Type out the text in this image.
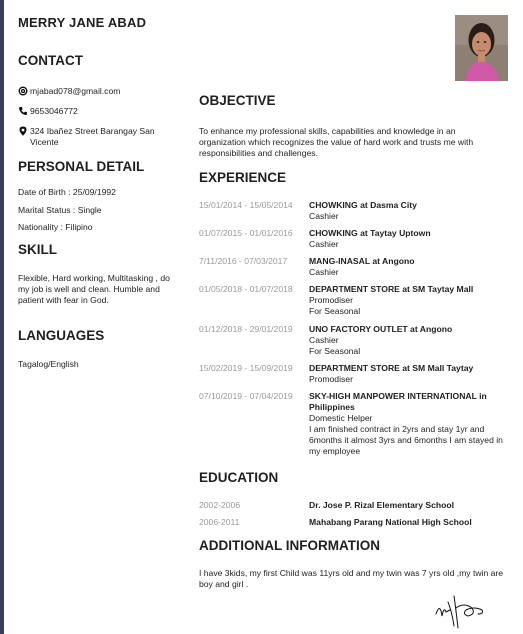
MERRY JANE ABAD
CONTACT
mjabad078@gmail.com
9653046772
324 Ibañez Street Barangay San Vicente
PERSONAL DETAIL
Date of Birth : 25/09/1992
Marital Status : Single
Nationality : Filipino
SKILL
Flexible, Hard working, Multitasking , do my job is well and clean. Humble and patient with fear in God.
LANGUAGES
Tagalog/English
OBJECTIVE
To enhance my professional skills, capabilities and knowledge in an organization which recognizes the value of hard work and trusts me with responsibilities and challenges.
EXPERIENCE
15/01/2014 - 15/05/2014 CHOWKING at Dasma City
Cashier
01/07/2015 - 01/01/2016 CHOWKING at Taytay Uptown
Cashier
7/11/2016 - 07/03/2017	MANG-INASAL at Angono
Cashier
01/05/2018 - 01/07/2018 DEPARTMENT STORE at SM Taytay Mall
Promodiser
For Seasonal
01/12/2018 - 29/01/2019 UNO FACTORY OUTLET at Angono
Cashier
For Seasonal
15/02/2019 - 15/09/2019 DEPARTMENT STORE at SM Mall Taytay
Promodiser
07/10/2019 - 07/04/2019 SKY-HIGH MANPOWER INTERNATIONAL in Philippines
Domestic Helper
I am finished contract in 2yrs and stay 1yr and 6months it almost 3yrs and 6months I am stayed in my employee
EDUCATION
2002-2006	Dr. Jose P. Rizal Elementary School
2006-2011	Mahabang Parang National High School
ADDITIONAL INFORMATION
I have 3kids, my first Child was 11yrs old and my twin was 7 yrs old ,my twin are boy and girl .
